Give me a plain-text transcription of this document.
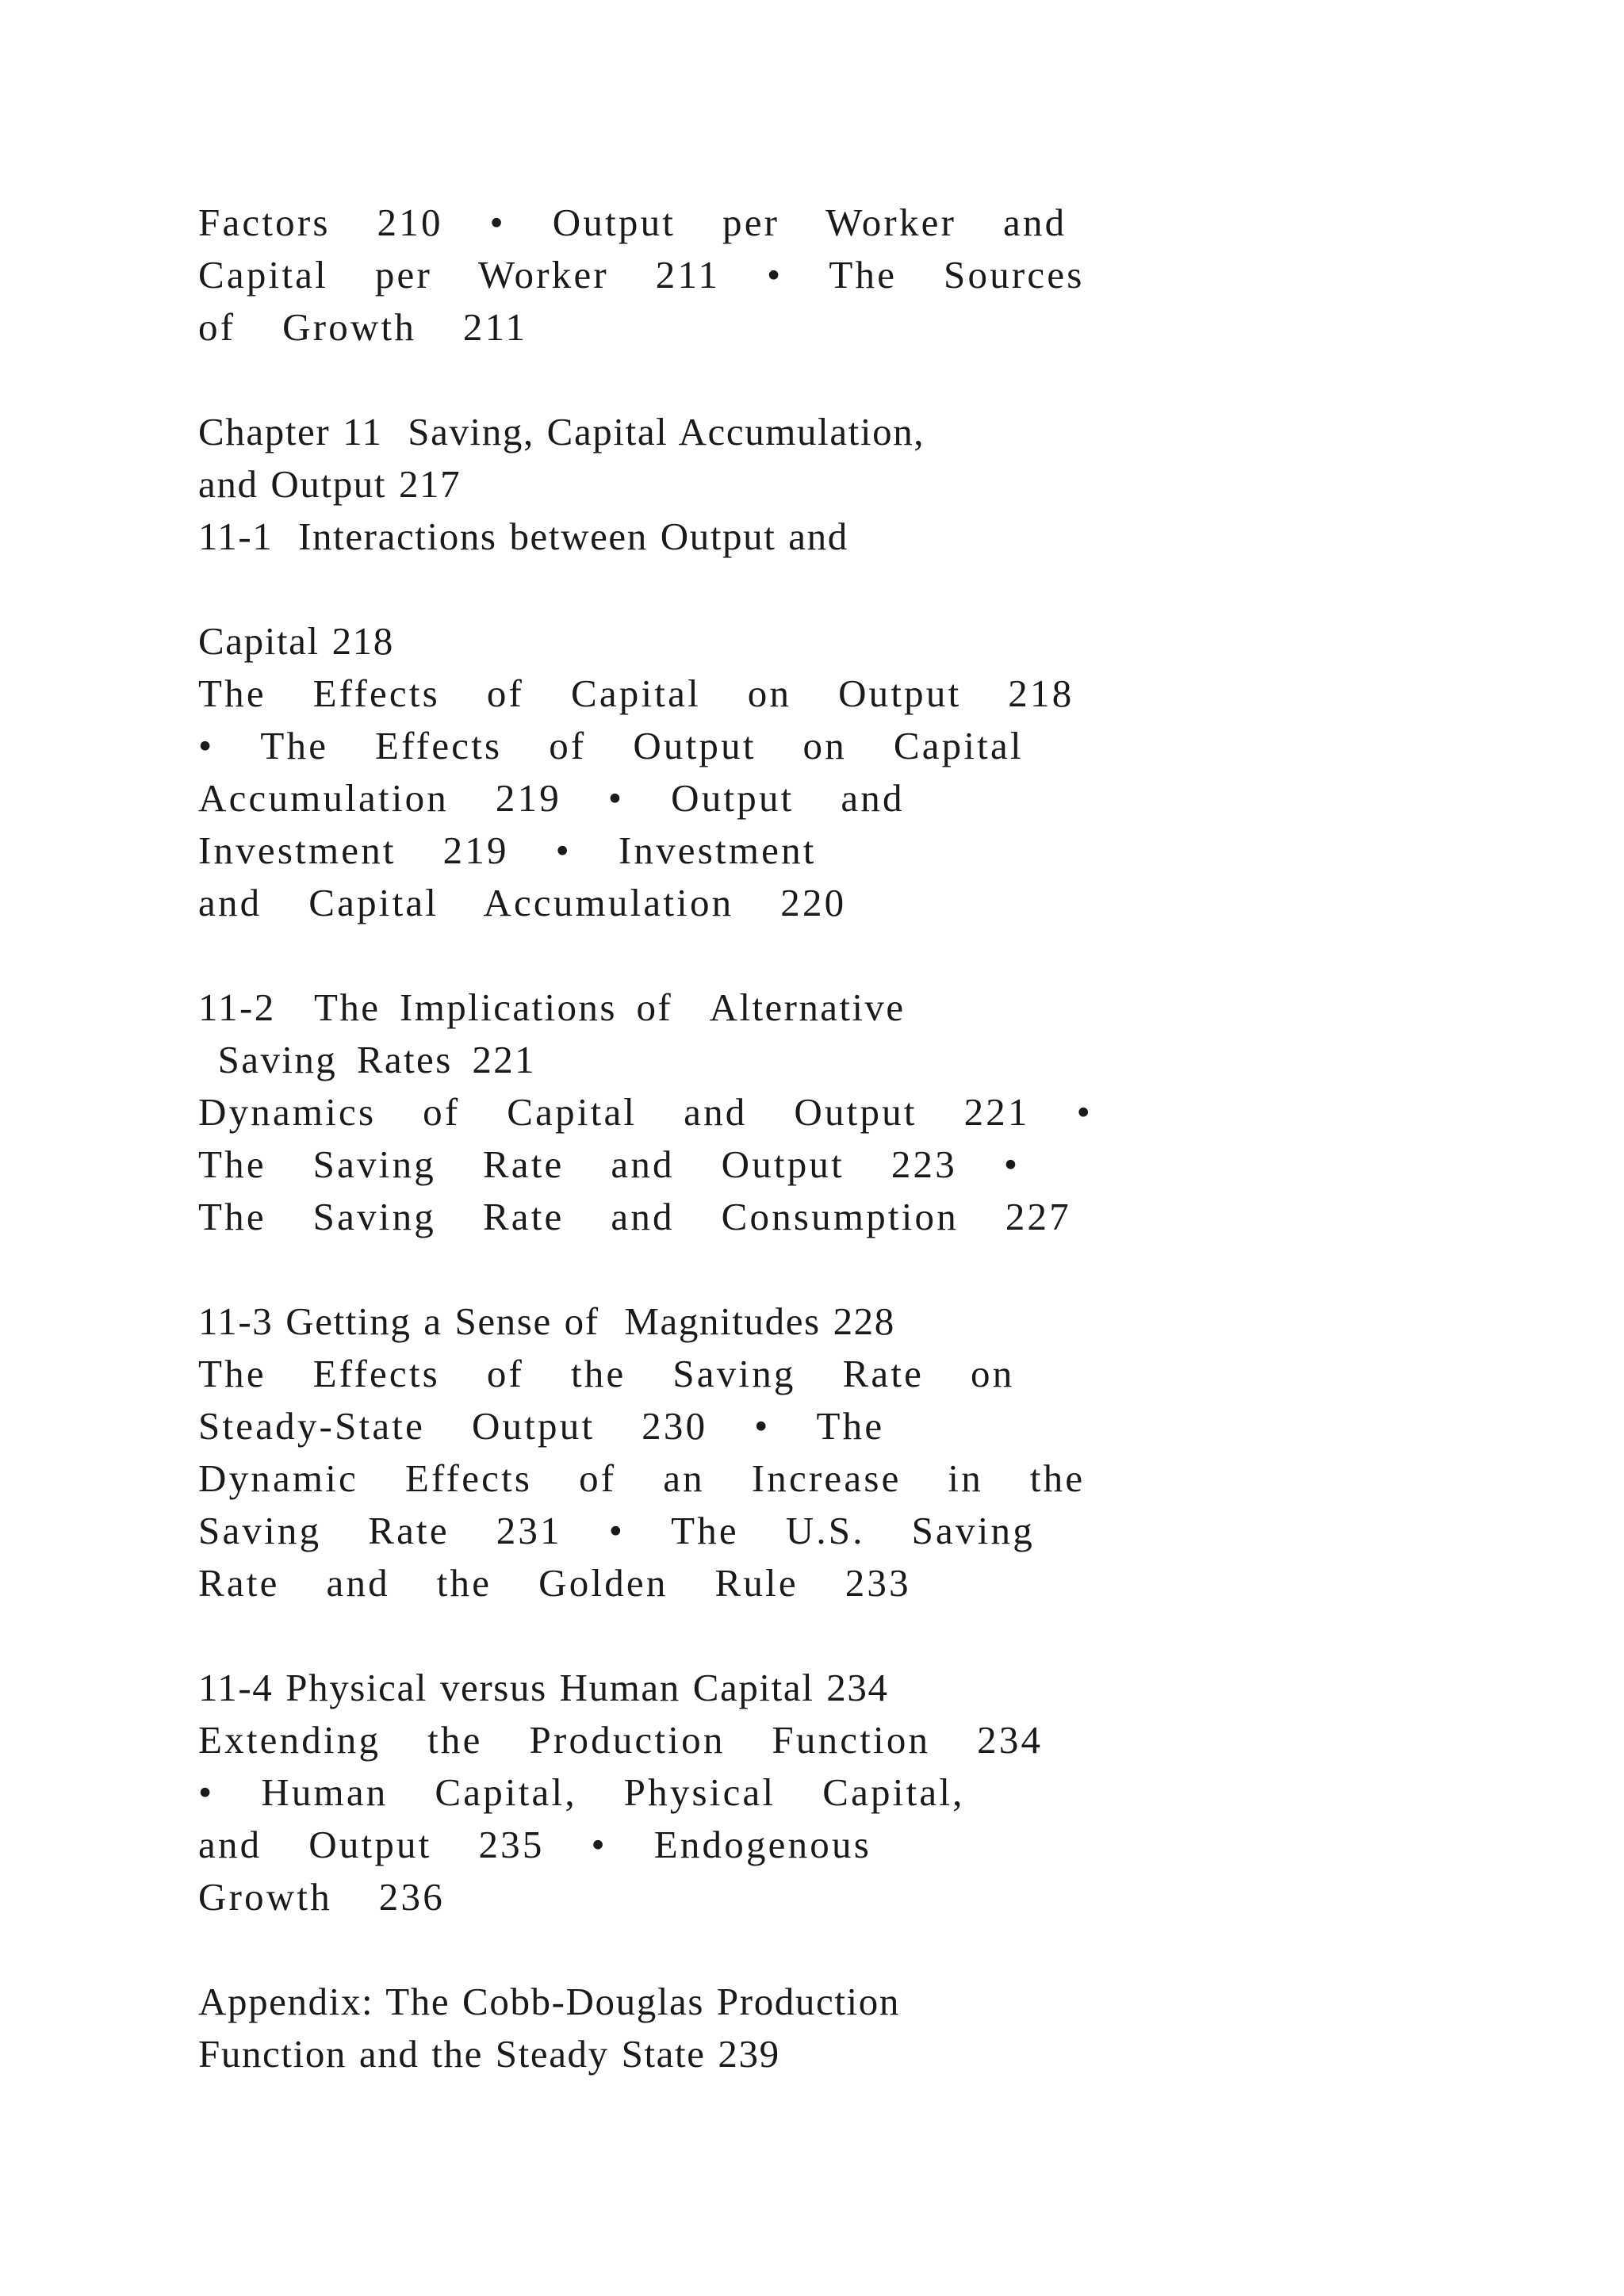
Factors  210  •  Output  per  Worker  and
Capital  per  Worker  211  •  The  Sources
of  Growth  211
Chapter 11  Saving, Capital Accumulation,
and Output 217
11-1  Interactions between Output and
Capital 218
The  Effects  of  Capital  on  Output  218
•  The  Effects  of  Output  on  Capital
Accumulation  219  •  Output  and
Investment  219  •  Investment
and  Capital  Accumulation  220
11-2  The Implications of  Alternative
Saving Rates 221
Dynamics  of  Capital  and  Output  221  •
The  Saving  Rate  and  Output  223  •
The  Saving  Rate  and  Consumption  227
11-3 Getting a Sense of  Magnitudes 228
The  Effects  of  the  Saving  Rate  on
Steady-State  Output  230  •  The
Dynamic  Effects  of  an  Increase  in  the
Saving  Rate  231  •  The  U.S.  Saving
Rate  and  the  Golden  Rule  233
11-4 Physical versus Human Capital 234
Extending  the  Production  Function  234
•  Human  Capital,  Physical  Capital,
and  Output  235  •  Endogenous
Growth  236
Appendix: The Cobb-Douglas Production
Function and the Steady State 239
